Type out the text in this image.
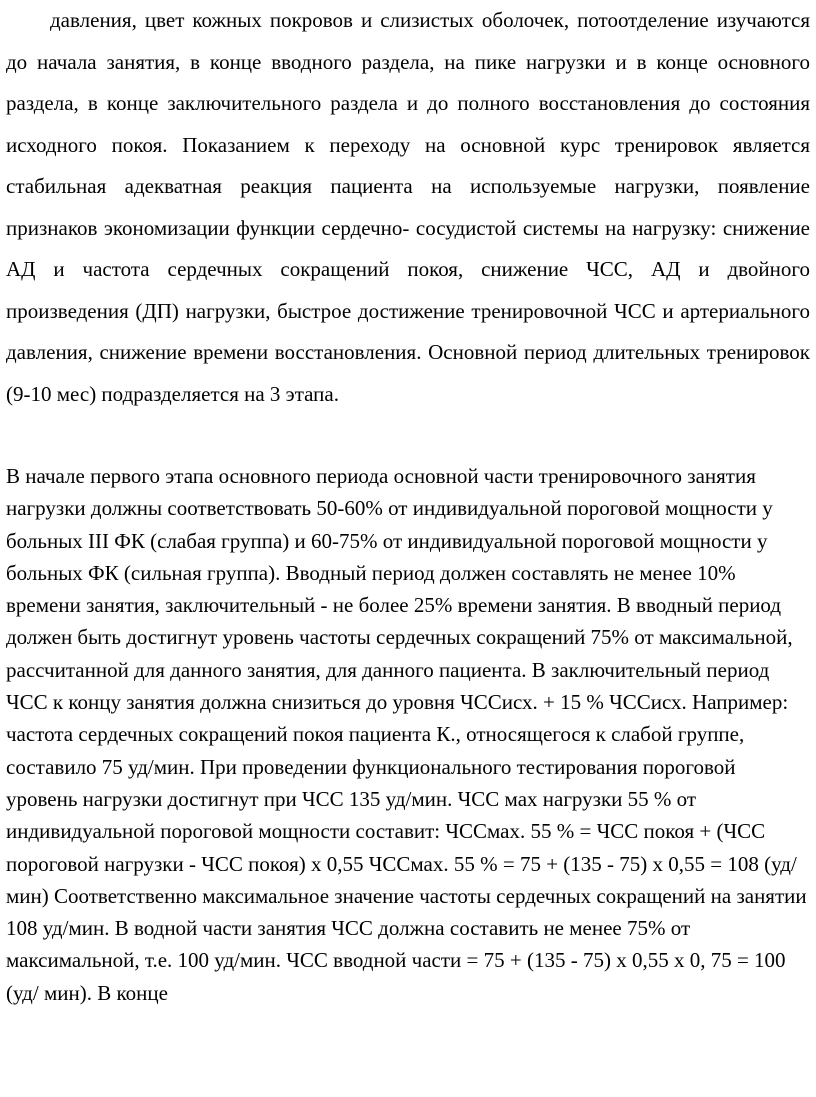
давления, цвет кожных покровов и слизистых оболочек, потоотделение изучаются до начала занятия, в конце вводного раздела, на пике нагрузки и в конце основного раздела, в конце заключительного раздела и до полного восстановления до состояния исходного покоя. Показанием к переходу на основной курс тренировок является стабильная адекватная реакция пациента на используемые нагрузки, появление признаков экономизации функции сердечно- сосудистой системы на нагрузку: снижение АД и частота сердечных сокращений покоя, снижение ЧСС, АД и двойного произведения (ДП) нагрузки, быстрое достижение тренировочной ЧСС и артериального давления, снижение времени восстановления. Основной период длительных тренировок (9-10 мес) подразделяется на 3 этапа.

В начале первого этапа основного периода основной части тренировочного занятия нагрузки должны соответствовать 50-60% от индивидуальной пороговой мощности у больных III ФК (слабая группа) и 60-75% от индивидуальной пороговой мощности у больных ФК (сильная группа). Вводный период должен составлять не менее 10% времени занятия, заключительный - не более 25% времени занятия. В вводный период должен быть достигнут уровень частоты сердечных сокращений 75% от максимальной, рассчитанной для данного занятия, для данного пациента. В заключительный период ЧСС к концу занятия должна снизиться до уровня ЧССисх. + 15 % ЧССисх. Например: частота сердечных сокращений покоя пациента К., относящегося к слабой группе, составило 75 уд/мин. При проведении функционального тестирования пороговой уровень нагрузки достигнут при ЧСС 135 уд/мин. ЧСС мах нагрузки 55 % от индивидуальной пороговой мощности составит: ЧССмах. 55 % = ЧСС покоя + (ЧСС пороговой нагрузки - ЧСС покоя) х 0,55 ЧССмах. 55 % = 75 + (135 - 75) х 0,55 = 108 (уд/мин) Соответственно максимальное значение частоты сердечных сокращений на занятии 108 уд/мин. В водной части занятия ЧСС должна составить не менее 75% от максимальной, т.е. 100 уд/мин. ЧСС вводной части = 75 + (135 - 75) х 0,55 х 0, 75 = 100 (уд/ мин). В конце
